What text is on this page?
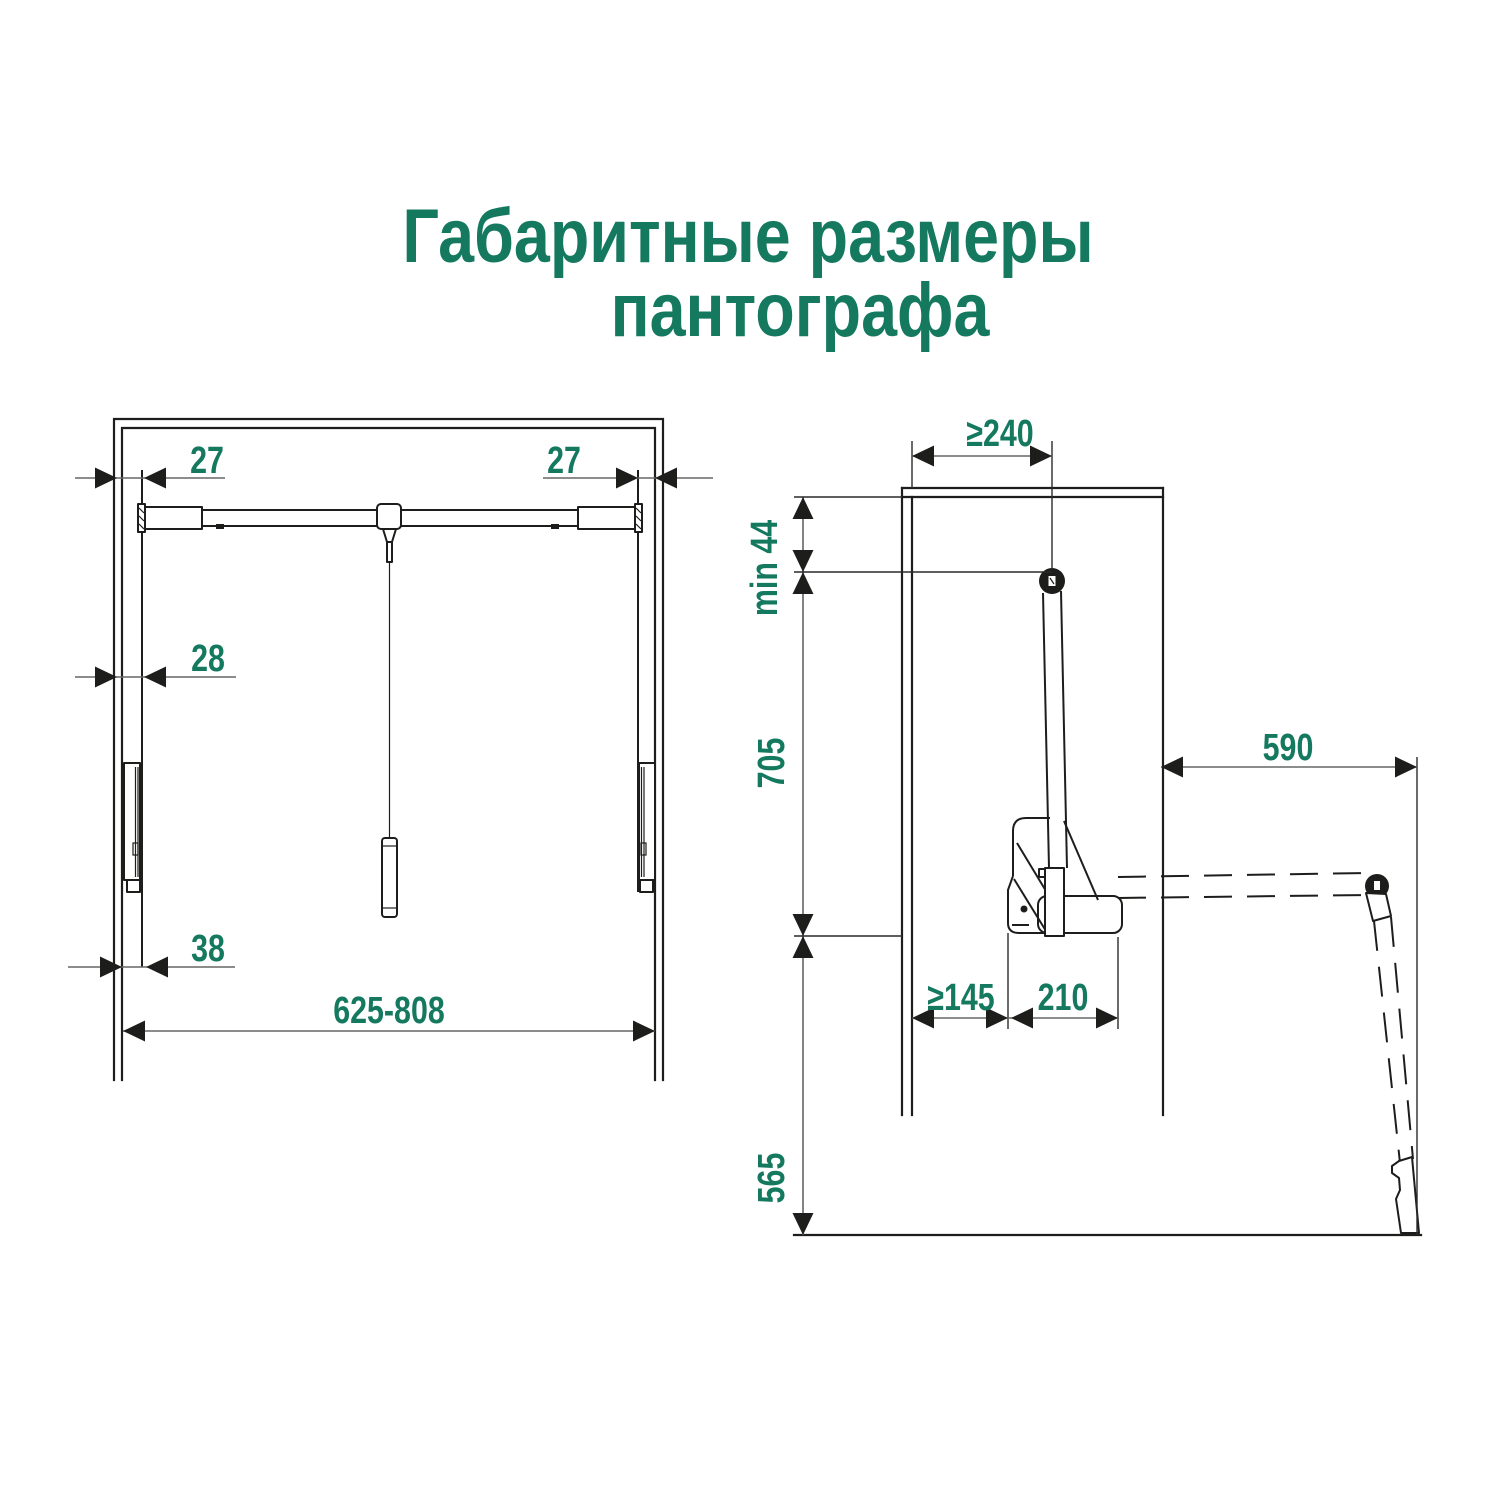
Габаритные размеры
пантографа
27	27
28
38
625-808
≥240
min 44
705
565
590
≥145 210
